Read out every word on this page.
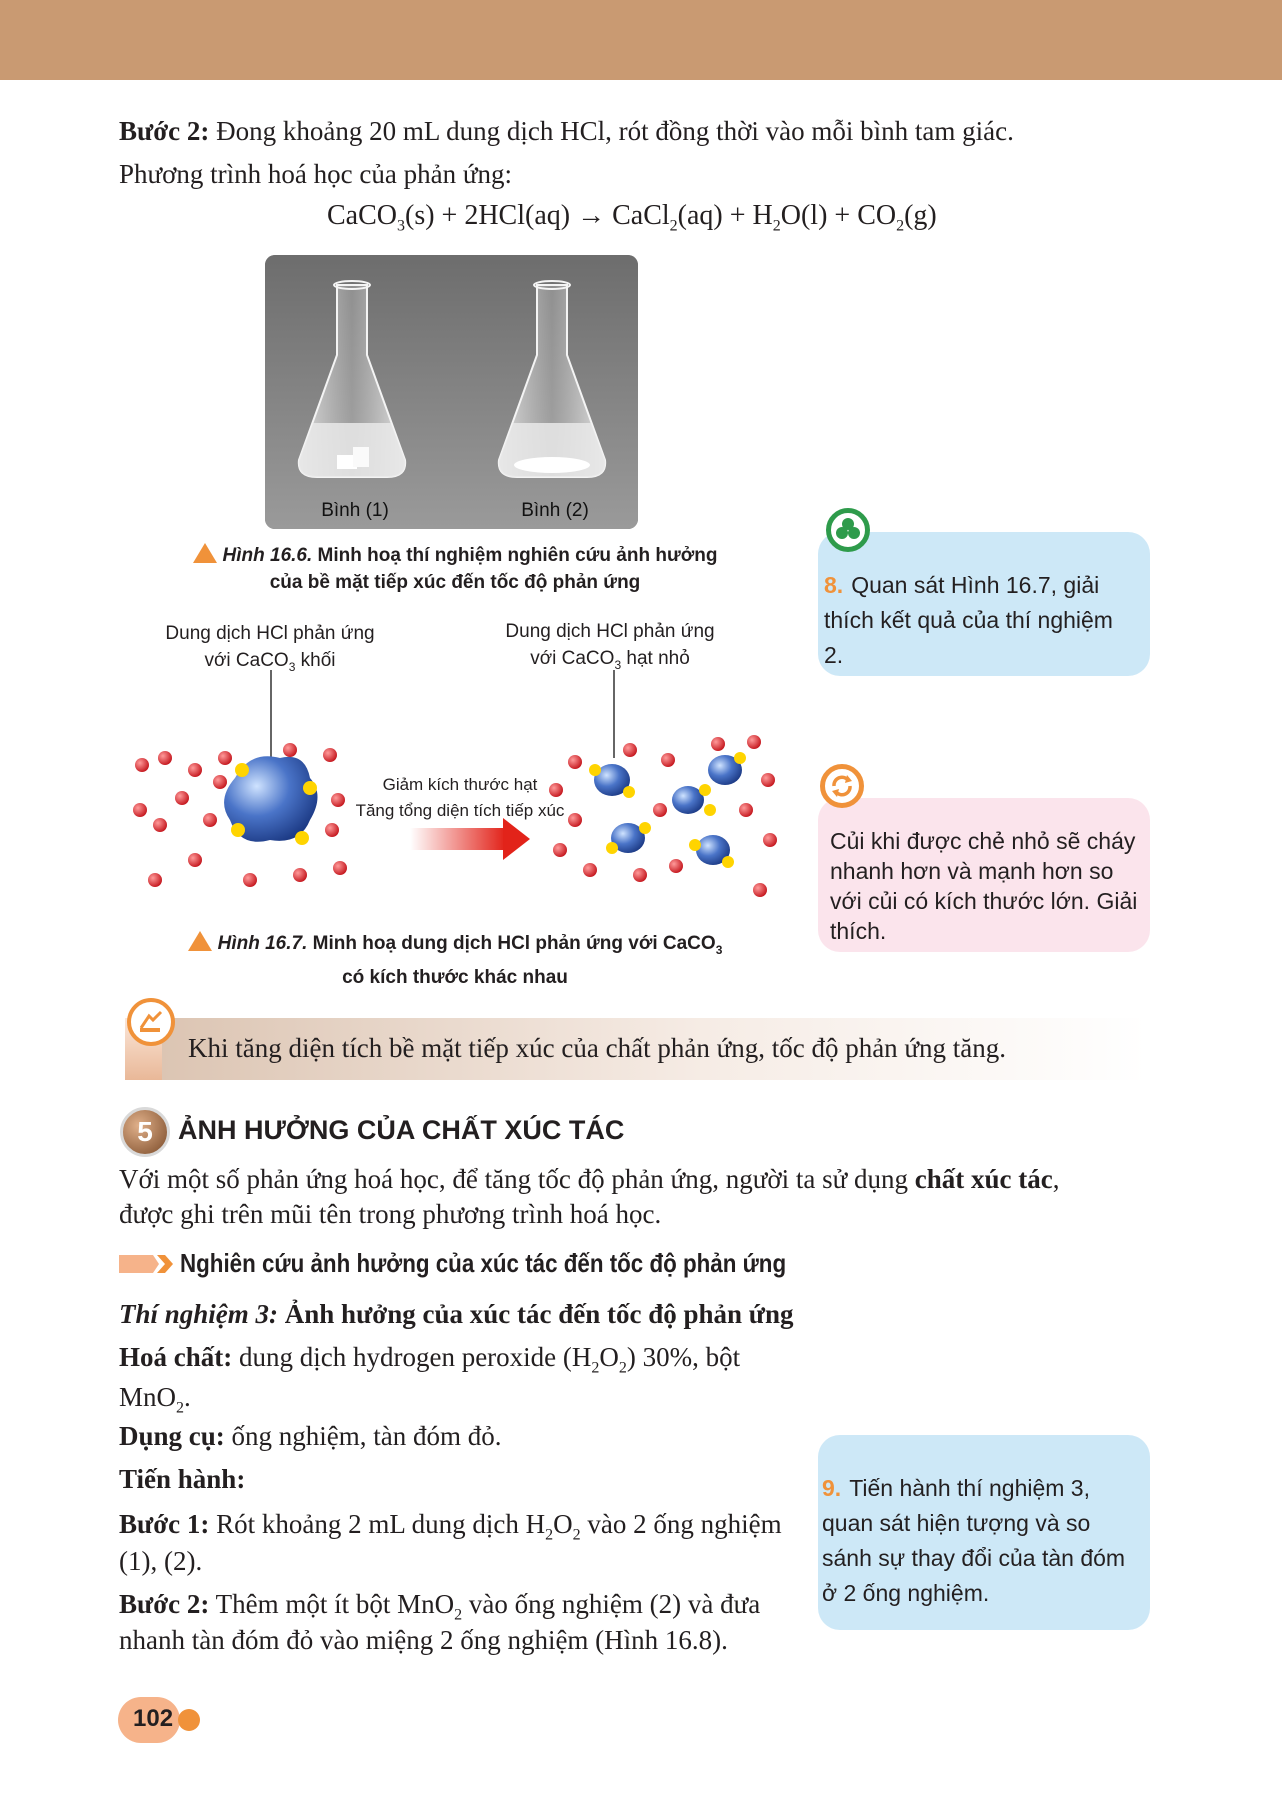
Bước 2: Đong khoảng 20 mL dung dịch HCl, rót đồng thời vào mỗi bình tam giác.
Phương trình hoá học của phản ứng:
CaCO$_3$(s) + 2HCl(aq) → CaCl$_2$(aq) + $H_2O(l) + CO_2(g)$
Bình (1)	Bình (2)
Hình 16.6. Minh hoạ thí nghiệm nghiên cứu ảnh hưởng
của bề mặt tiếp xúc đến tốc độ phản ứng	8. Quan sát Hình 16.7, giải thích kết quả của thí nghiệm 2.
Dung dịch HCl phản ứng
với CaCO$_3$ khối
Dung dịch HCl phản ứng
với CaCO$_3$ hạt nhỏ
Giảm kích thước hạt
Tăng tổng diện tích tiếp xúc
Hình 16.7. Minh hoạ dung dịch HCl phản ứng với CaCO$_3$
có kích thước khác nhau
Củi khi được chẻ nhỏ sẽ cháy nhanh hơn và mạnh hơn so với củi có kích thước lớn. Giải thích.
Khi tăng diện tích bề mặt tiếp xúc của chất phản ứng, tốc độ phản ứng tăng.
5 ẢNH HƯỞNG CỦA CHẤT XÚC TÁC
Với một số phản ứng hoá học, để tăng tốc độ phản ứng, người ta sử dụng chất xúc tác,
được ghi trên mũi tên trong phương trình hoá học.
Nghiên cứu ảnh hưởng của xúc tác đến tốc độ phản ứng
Thí nghiệm 3: Ảnh hưởng của xúc tác đến tốc độ phản ứng
Hoá chất: dung dịch hydrogen peroxide $(H_2O_2)$ 30%, bột
MnO$_2$.
Dụng cụ: ống nghiệm, tàn đóm đỏ.
Tiến hành:
Bước 1: Rót khoảng 2 mL dung dịch $H_2O_2$ vào 2 ống nghiệm
(1), (2).
Bước 2: Thêm một ít bột MnO$_2$ vào ống nghiệm (2) và đưa
nhanh tàn đóm đỏ vào miệng 2 ống nghiệm (Hình 16.8).
9. Tiến hành thí nghiệm 3, quan sát hiện tượng và so sánh sự thay đổi của tàn đóm ở 2 ống nghiệm.
102
